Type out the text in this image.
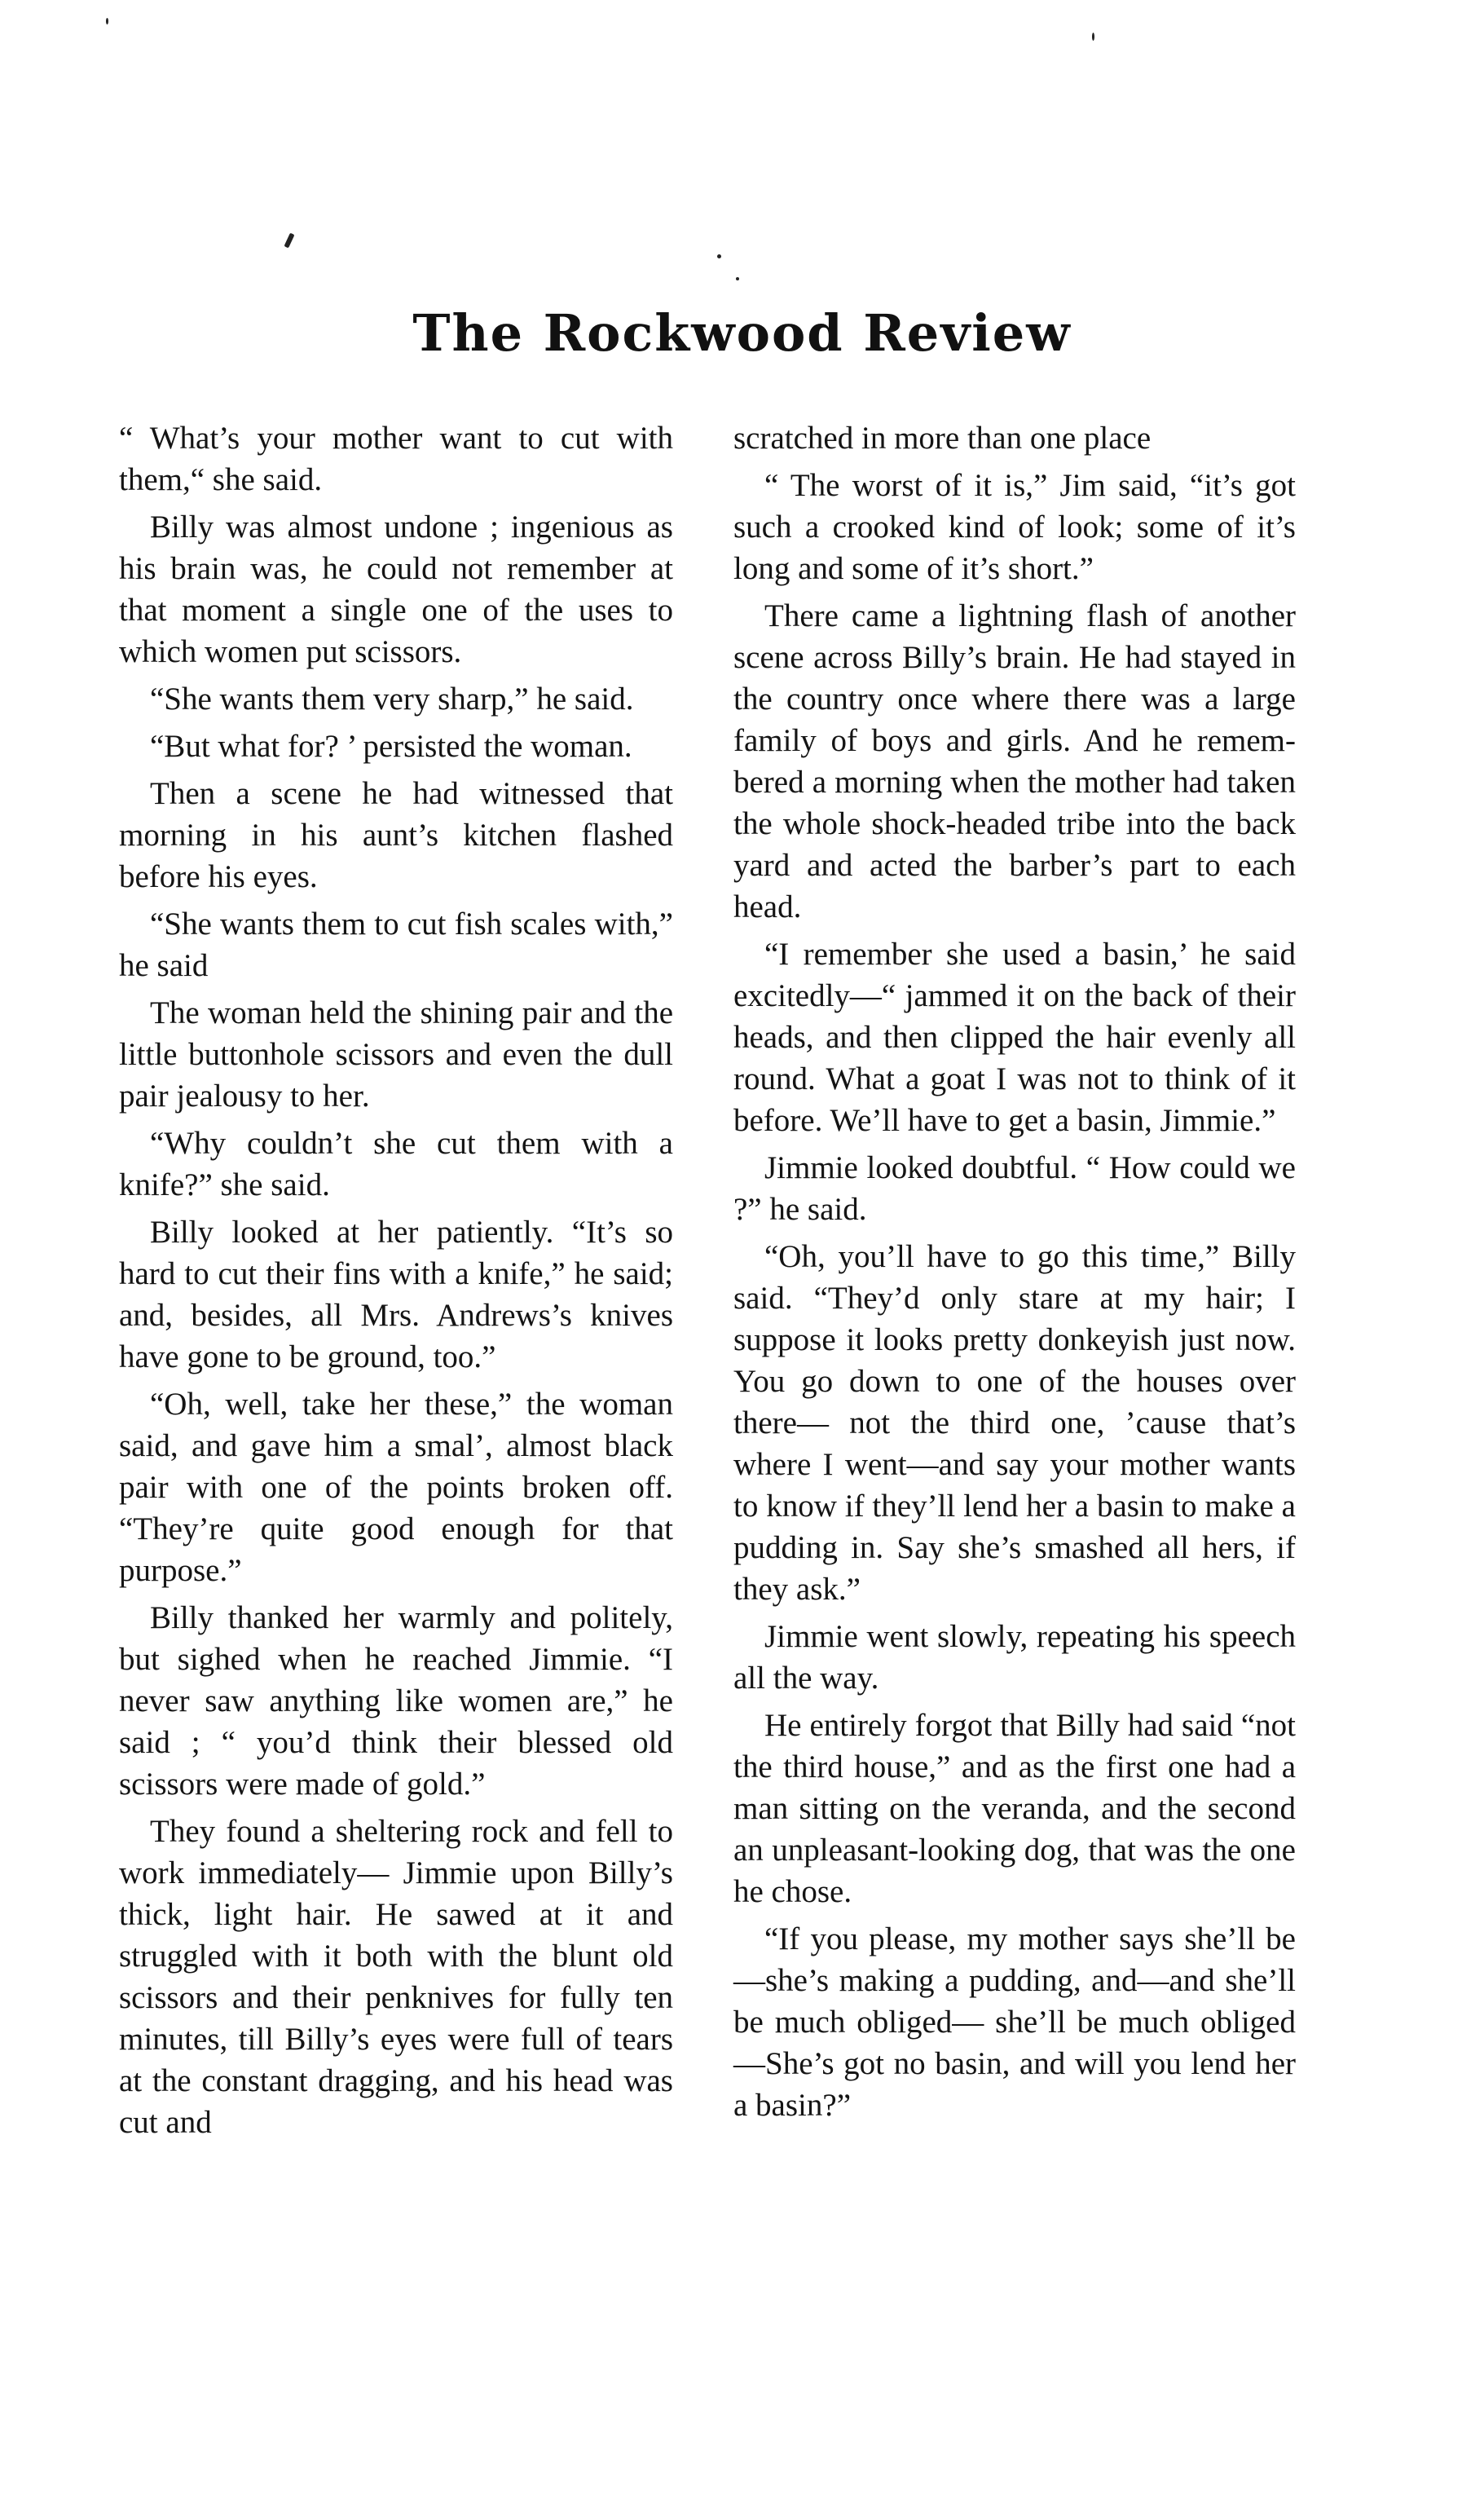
The Rockwood Review

“ What’s your mother want to cut with them,“ she said.

Billy was almost undone ; ingenious as his brain was, he could not remember at that moment a single one of the uses to which women put scissors.

“She wants them very sharp,” he said.

“But what for? ’ persisted the woman.

Then a scene he had witnessed that morning in his aunt’s kitchen flashed before his eyes.

“She wants them to cut fish scales with,” he said

The woman held the shining pair and the little buttonhole scissors and even the dull pair jealousy to her.

“Why couldn’t she cut them with a knife?” she said.

Billy looked at her patiently. “It’s so hard to cut their fins with a knife,” he said; and, besides, all Mrs. Andrews’s knives have gone to be ground, too.”

“Oh, well, take her these,” the woman said, and gave him a smal’, almost black pair with one of the points broken off. “They’re quite good enough for that purpose.”

Billy thanked her warmly and politely, but sighed when he reached Jimmie. “I never saw anything like women are,” he said ; “ you’d think their blessed old scissors were made of gold.”

They found a sheltering rock and fell to work immediately— Jimmie upon Billy’s thick, light hair. He sawed at it and struggled with it both with the blunt old scissors and their penknives for fully ten minutes, till Billy’s eyes were full of tears at the constant dragging, and his head was cut and

scratched in more than one place

“ The worst of it is,” Jim said, “it’s got such a crooked kind of look; some of it’s long and some of it’s short.”

There came a lightning flash of another scene across Billy’s brain. He had stayed in the country once where there was a large family of boys and girls. And he remembered a morning when the mother had taken the whole shock-headed tribe into the back yard and acted the barber’s part to each head.

“I remember she used a basin,’ he said excitedly—“ jammed it on the back of their heads, and then clipped the hair evenly all round. What a goat I was not to think of it before. We’ll have to get a basin, Jimmie.”

Jimmie looked doubtful. “ How could we ?” he said.

“Oh, you’ll have to go this time,” Billy said. “They’d only stare at my hair; I suppose it looks pretty donkeyish just now. You go down to one of the houses over there— not the third one, ’cause that’s where I went—and say your mother wants to know if they’ll lend her a basin to make a pudding in. Say she’s smashed all hers, if they ask.”

Jimmie went slowly, repeating his speech all the way.

He entirely forgot that Billy had said “not the third house,” and as the first one had a man sitting on the veranda, and the second an unpleasant-looking dog, that was the one he chose.

“If you please, my mother says she’ll be—she’s making a pudding, and—and she’ll be much obliged— she’ll be much obliged—She’s got no basin, and will you lend her a basin?”
